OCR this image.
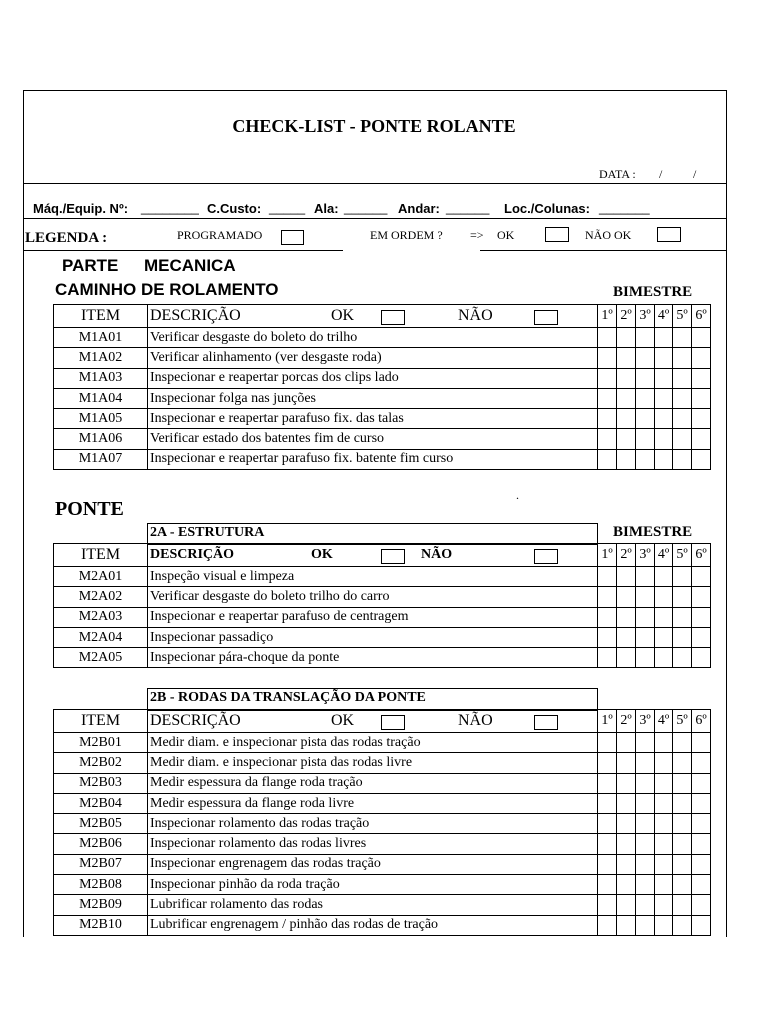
CHECK-LIST - PONTE ROLANTE
DATA : /	/
Máq./Equip. Nº: ________ C.Custo: _____ Ala: ______ Andar: ______ Loc./Colunas: _______
LEGENDA :	PROGRAMADO	EM ORDEM ? => OK	NÃO OK
PARTE MECANICA
CAMINHO DE ROLAMENTO	BIMESTRE
ITEM	DESCRIÇÃO OK NÃO	1º	2º	3º	4º	5º	6º
M1A01	Verificar desgaste do boleto do trilho						
M1A02	Verificar alinhamento (ver desgaste roda)						
M1A03	Inspecionar e reapertar porcas dos clips lado						
M1A04	Inspecionar folga nas junções						
M1A05	Inspecionar e reapertar parafuso fix. das talas						
M1A06	Verificar estado dos batentes fim de curso						
M1A07	Inspecionar e reapertar parafuso fix. batente fim curso						
PONTE
.
2A - ESTRUTURA	BIMESTRE
ITEM	DESCRIÇÃO OK NÃO	1º	2º	3º	4º	5º	6º
M2A01	Inspeção visual e limpeza						
M2A02	Verificar desgaste do boleto trilho do carro						
M2A03	Inspecionar e reapertar parafuso de centragem						
M2A04	Inspecionar passadiço						
M2A05	Inspecionar pára-choque da ponte						
2B - RODAS DA TRANSLAÇÃO DA PONTE
ITEM	DESCRIÇÃO OK NÃO	1º	2º	3º	4º	5º	6º
M2B01	Medir diam. e inspecionar pista das rodas tração						
M2B02	Medir diam. e inspecionar pista das rodas livre						
M2B03	Medir espessura da flange roda tração						
M2B04	Medir espessura da flange roda livre						
M2B05	Inspecionar rolamento das rodas tração						
M2B06	Inspecionar rolamento das rodas livres						
M2B07	Inspecionar engrenagem das rodas tração						
M2B08	Inspecionar pinhão da roda tração						
M2B09	Lubrificar rolamento das rodas						
M2B10	Lubrificar engrenagem / pinhão das rodas de tração						
